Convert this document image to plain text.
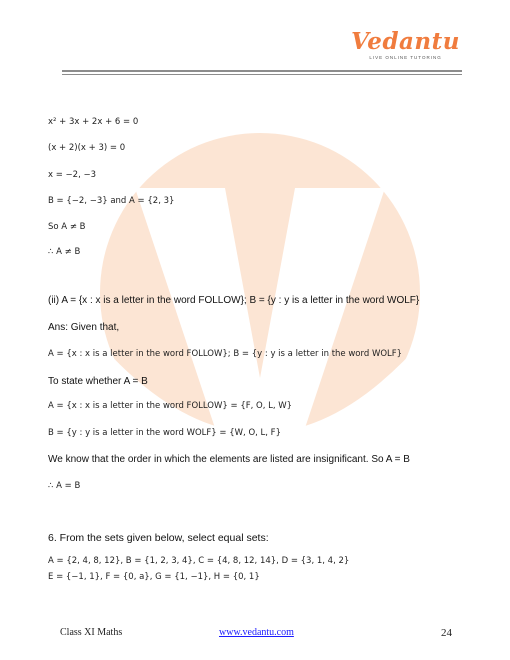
Vedantu
LIVE ONLINE TUTORING
x² + 3x + 2x + 6 = 0
(x + 2)(x + 3) = 0
x = −2, −3
B = {−2, −3} and A = {2, 3}
So A ≠ B
∴ A ≠ B
(ii) A = {x : x is a letter in the word FOLLOW}; B = {y : y is a letter in the word WOLF}
Ans: Given that,
A = {x : x is a letter in the word FOLLOW}; B = {y : y is a letter in the word WOLF}
To state whether A = B
A = {x : x is a letter in the word FOLLOW} = {F, O, L, W}
B = {y : y is a letter in the word WOLF} = {W, O, L, F}
We know that the order in which the elements are listed are insignificant. So A = B
∴ A = B
6. From the sets given below, select equal sets:
A = {2, 4, 8, 12}, B = {1, 2, 3, 4}, C = {4, 8, 12, 14}, D = {3, 1, 4, 2}
E = {−1, 1}, F = {0, a}, G = {1, −1}, H = {0, 1}
Class XI Maths	www.vedantu.com	24
